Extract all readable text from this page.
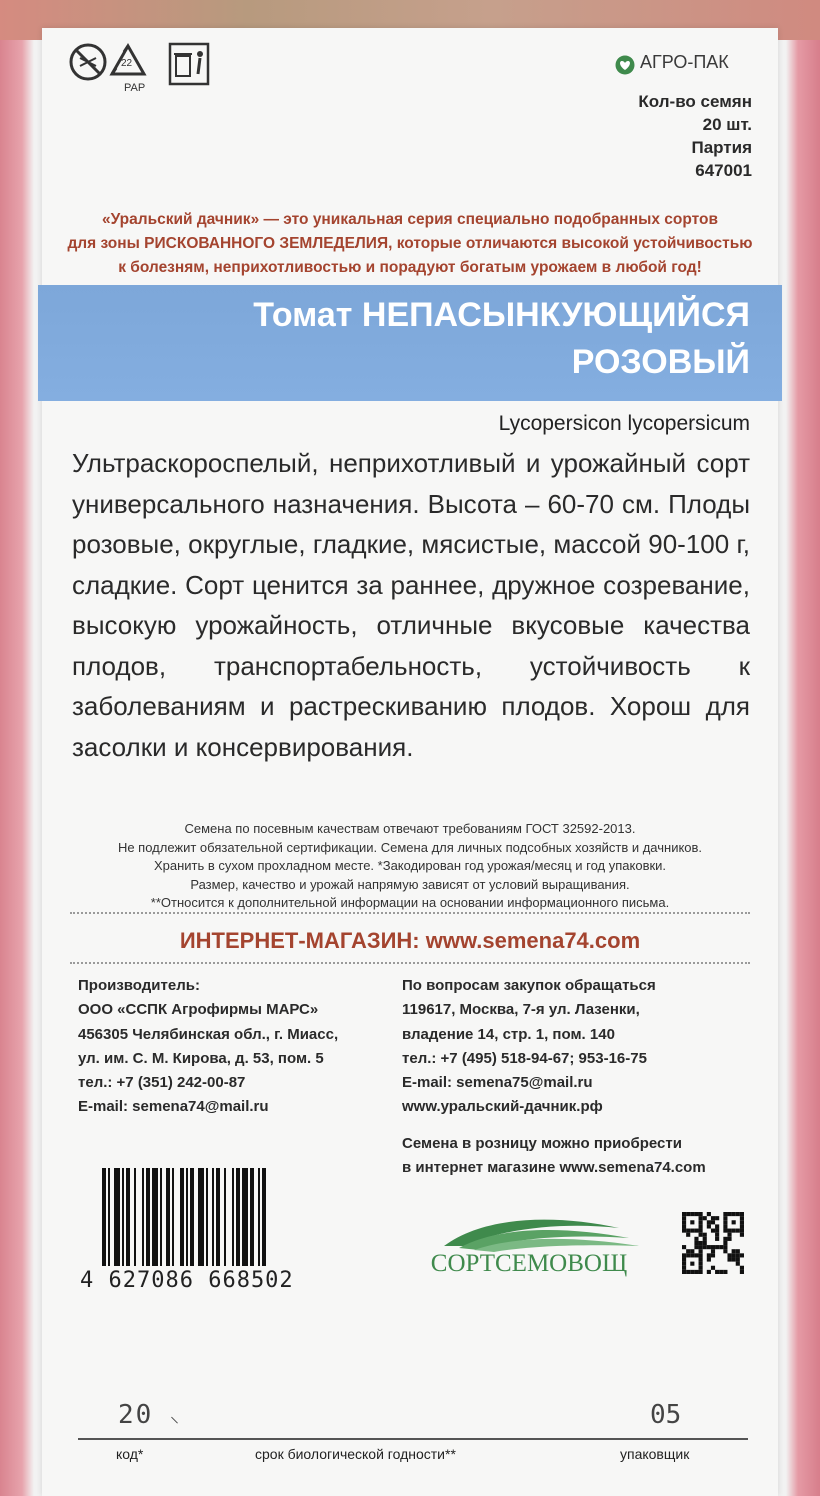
22
PAP
АГРО-ПАК
Кол-во семян
20 шт.
Партия
647001
«Уральский дачник» — это уникальная серия специально подобранных сортов
для зоны РИСКОВАННОГО ЗЕМЛЕДЕЛИЯ, которые отличаются высокой устойчивостью
к болезням, неприхотливостью и порадуют богатым урожаем в любой год!
Томат НЕПАСЫНКУЮЩИЙСЯ
РОЗОВЫЙ
Lycopersicon lycopersicum
Ультраскороспелый, неприхотливый и урожайный сорт универсального назначения. Высота – 60-70 см. Плоды розовые, округлые, гладкие, мясистые, массой 90-100 г, сладкие. Сорт ценится за раннее, дружное созревание, высокую урожайность, отличные вкусовые качества плодов, транспортабельность, устойчивость к заболеваниям и растрескиванию плодов. Хорош для засолки и консервирования.
Семена по посевным качествам отвечают требованиям ГОСТ 32592-2013.
Не подлежит обязательной сертификации. Семена для личных подсобных хозяйств и дачников.
Хранить в сухом прохладном месте. *Закодирован год урожая/месяц и год упаковки.
Размер, качество и урожай напрямую зависят от условий выращивания.
**Относится к дополнительной информации на основании информационного письма.
ИНТЕРНЕТ-МАГАЗИН: www.semena74.com
Производитель:
ООО «ССПК Агрофирмы МАРС»
456305 Челябинская обл., г. Миасс,
ул. им. С. М. Кирова, д. 53, пом. 5
тел.: +7 (351) 242-00-87
E-mail: semena74@mail.ru
По вопросам закупок обращаться
119617, Москва, 7-я ул. Лазенки,
владение 14, стр. 1, пом. 140
тел.: +7 (495) 518-94-67; 953-16-75
E-mail: semena75@mail.ru
www.уральский-дачник.рф
Семена в розницу можно приобрести
в интернет магазине www.semena74.com
4 627086 668502
СОРТСЕМОВОЩ
20 ⸜	05
код*	срок биологической годности**	упаковщик
